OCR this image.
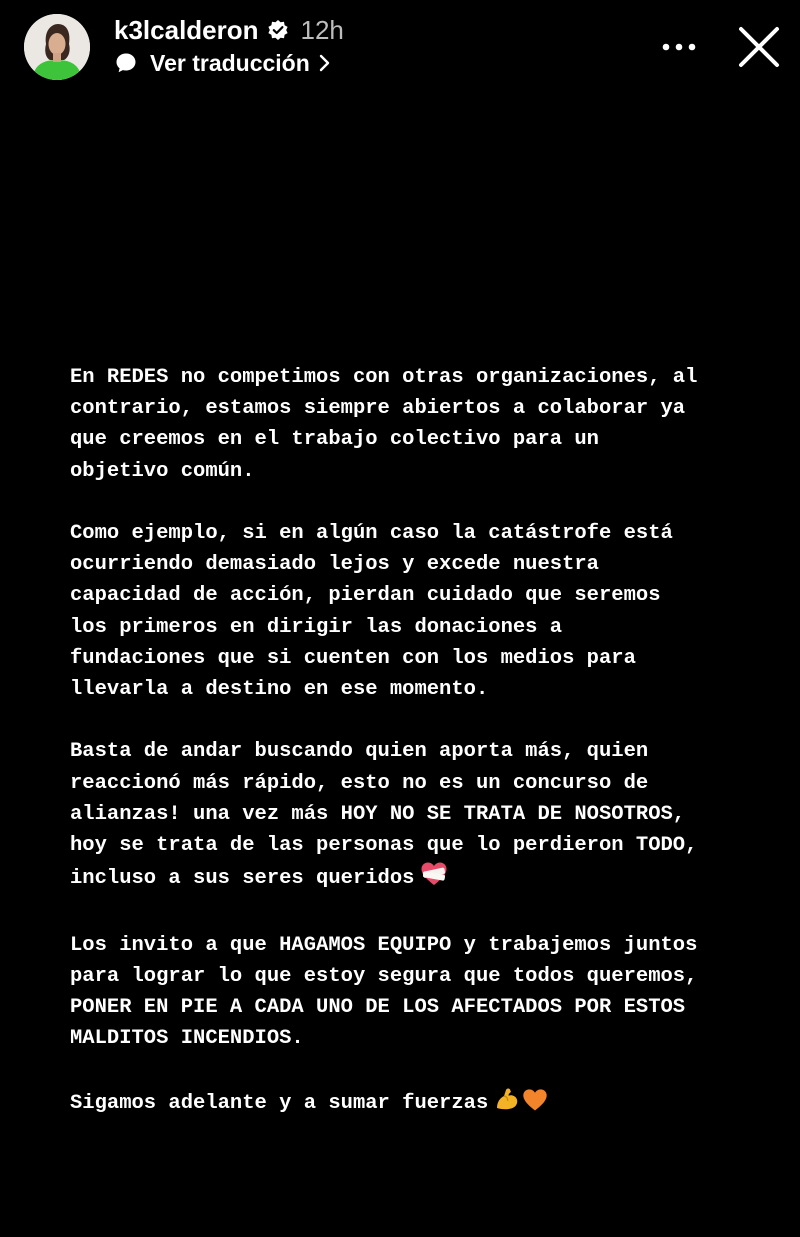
k3lcalderon 12h
Ver traducción

En REDES no competimos con otras organizaciones, al
contrario, estamos siempre abiertos a colaborar ya
que creemos en el trabajo colectivo para un
objetivo común.

Como ejemplo, si en algún caso la catástrofe está
ocurriendo demasiado lejos y excede nuestra
capacidad de acción, pierdan cuidado que seremos
los primeros en dirigir las donaciones a
fundaciones que si cuenten con los medios para
llevarla a destino en ese momento.

Basta de andar buscando quien aporta más, quien
reaccionó más rápido, esto no es un concurso de
alianzas! una vez más HOY NO SE TRATA DE NOSOTROS,
hoy se trata de las personas que lo perdieron TODO,
incluso a sus seres queridos

Los invito a que HAGAMOS EQUIPO y trabajemos juntos
para lograr lo que estoy segura que todos queremos,
PONER EN PIE A CADA UNO DE LOS AFECTADOS POR ESTOS
MALDITOS INCENDIOS.

Sigamos adelante y a sumar fuerzas
